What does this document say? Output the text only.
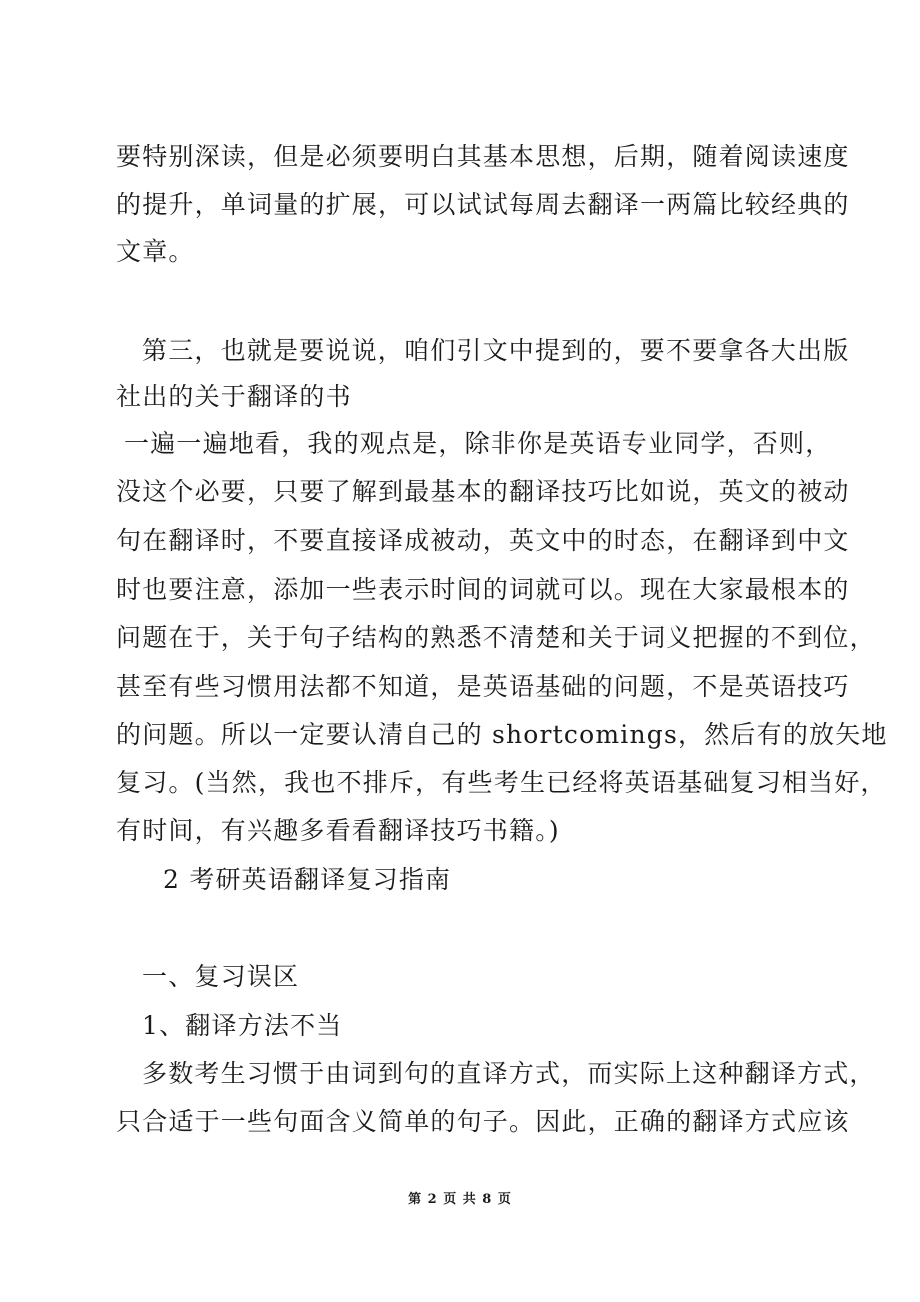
要特别深读，但是必须要明白其基本思想，后期，随着阅读速度
的提升，单词量的扩展，可以试试每周去翻译一两篇比较经典的
文章。
第三，也就是要说说，咱们引文中提到的，要不要拿各大出版
社出的关于翻译的书
一遍一遍地看，我的观点是，除非你是英语专业同学，否则，
没这个必要，只要了解到最基本的翻译技巧比如说，英文的被动
句在翻译时，不要直接译成被动，英文中的时态，在翻译到中文
时也要注意，添加一些表示时间的词就可以。现在大家最根本的
问题在于，关于句子结构的熟悉不清楚和关于词义把握的不到位，
甚至有些习惯用法都不知道，是英语基础的问题，不是英语技巧
的问题。所以一定要认清自己的 shortcomings，然后有的放矢地
复习。(当然，我也不排斥，有些考生已经将英语基础复习相当好，
有时间，有兴趣多看看翻译技巧书籍。)
2 考研英语翻译复习指南
一、复习误区
1、翻译方法不当
多数考生习惯于由词到句的直译方式，而实际上这种翻译方式，
只合适于一些句面含义简单的句子。因此，正确的翻译方式应该
第 2 页 共 8 页
